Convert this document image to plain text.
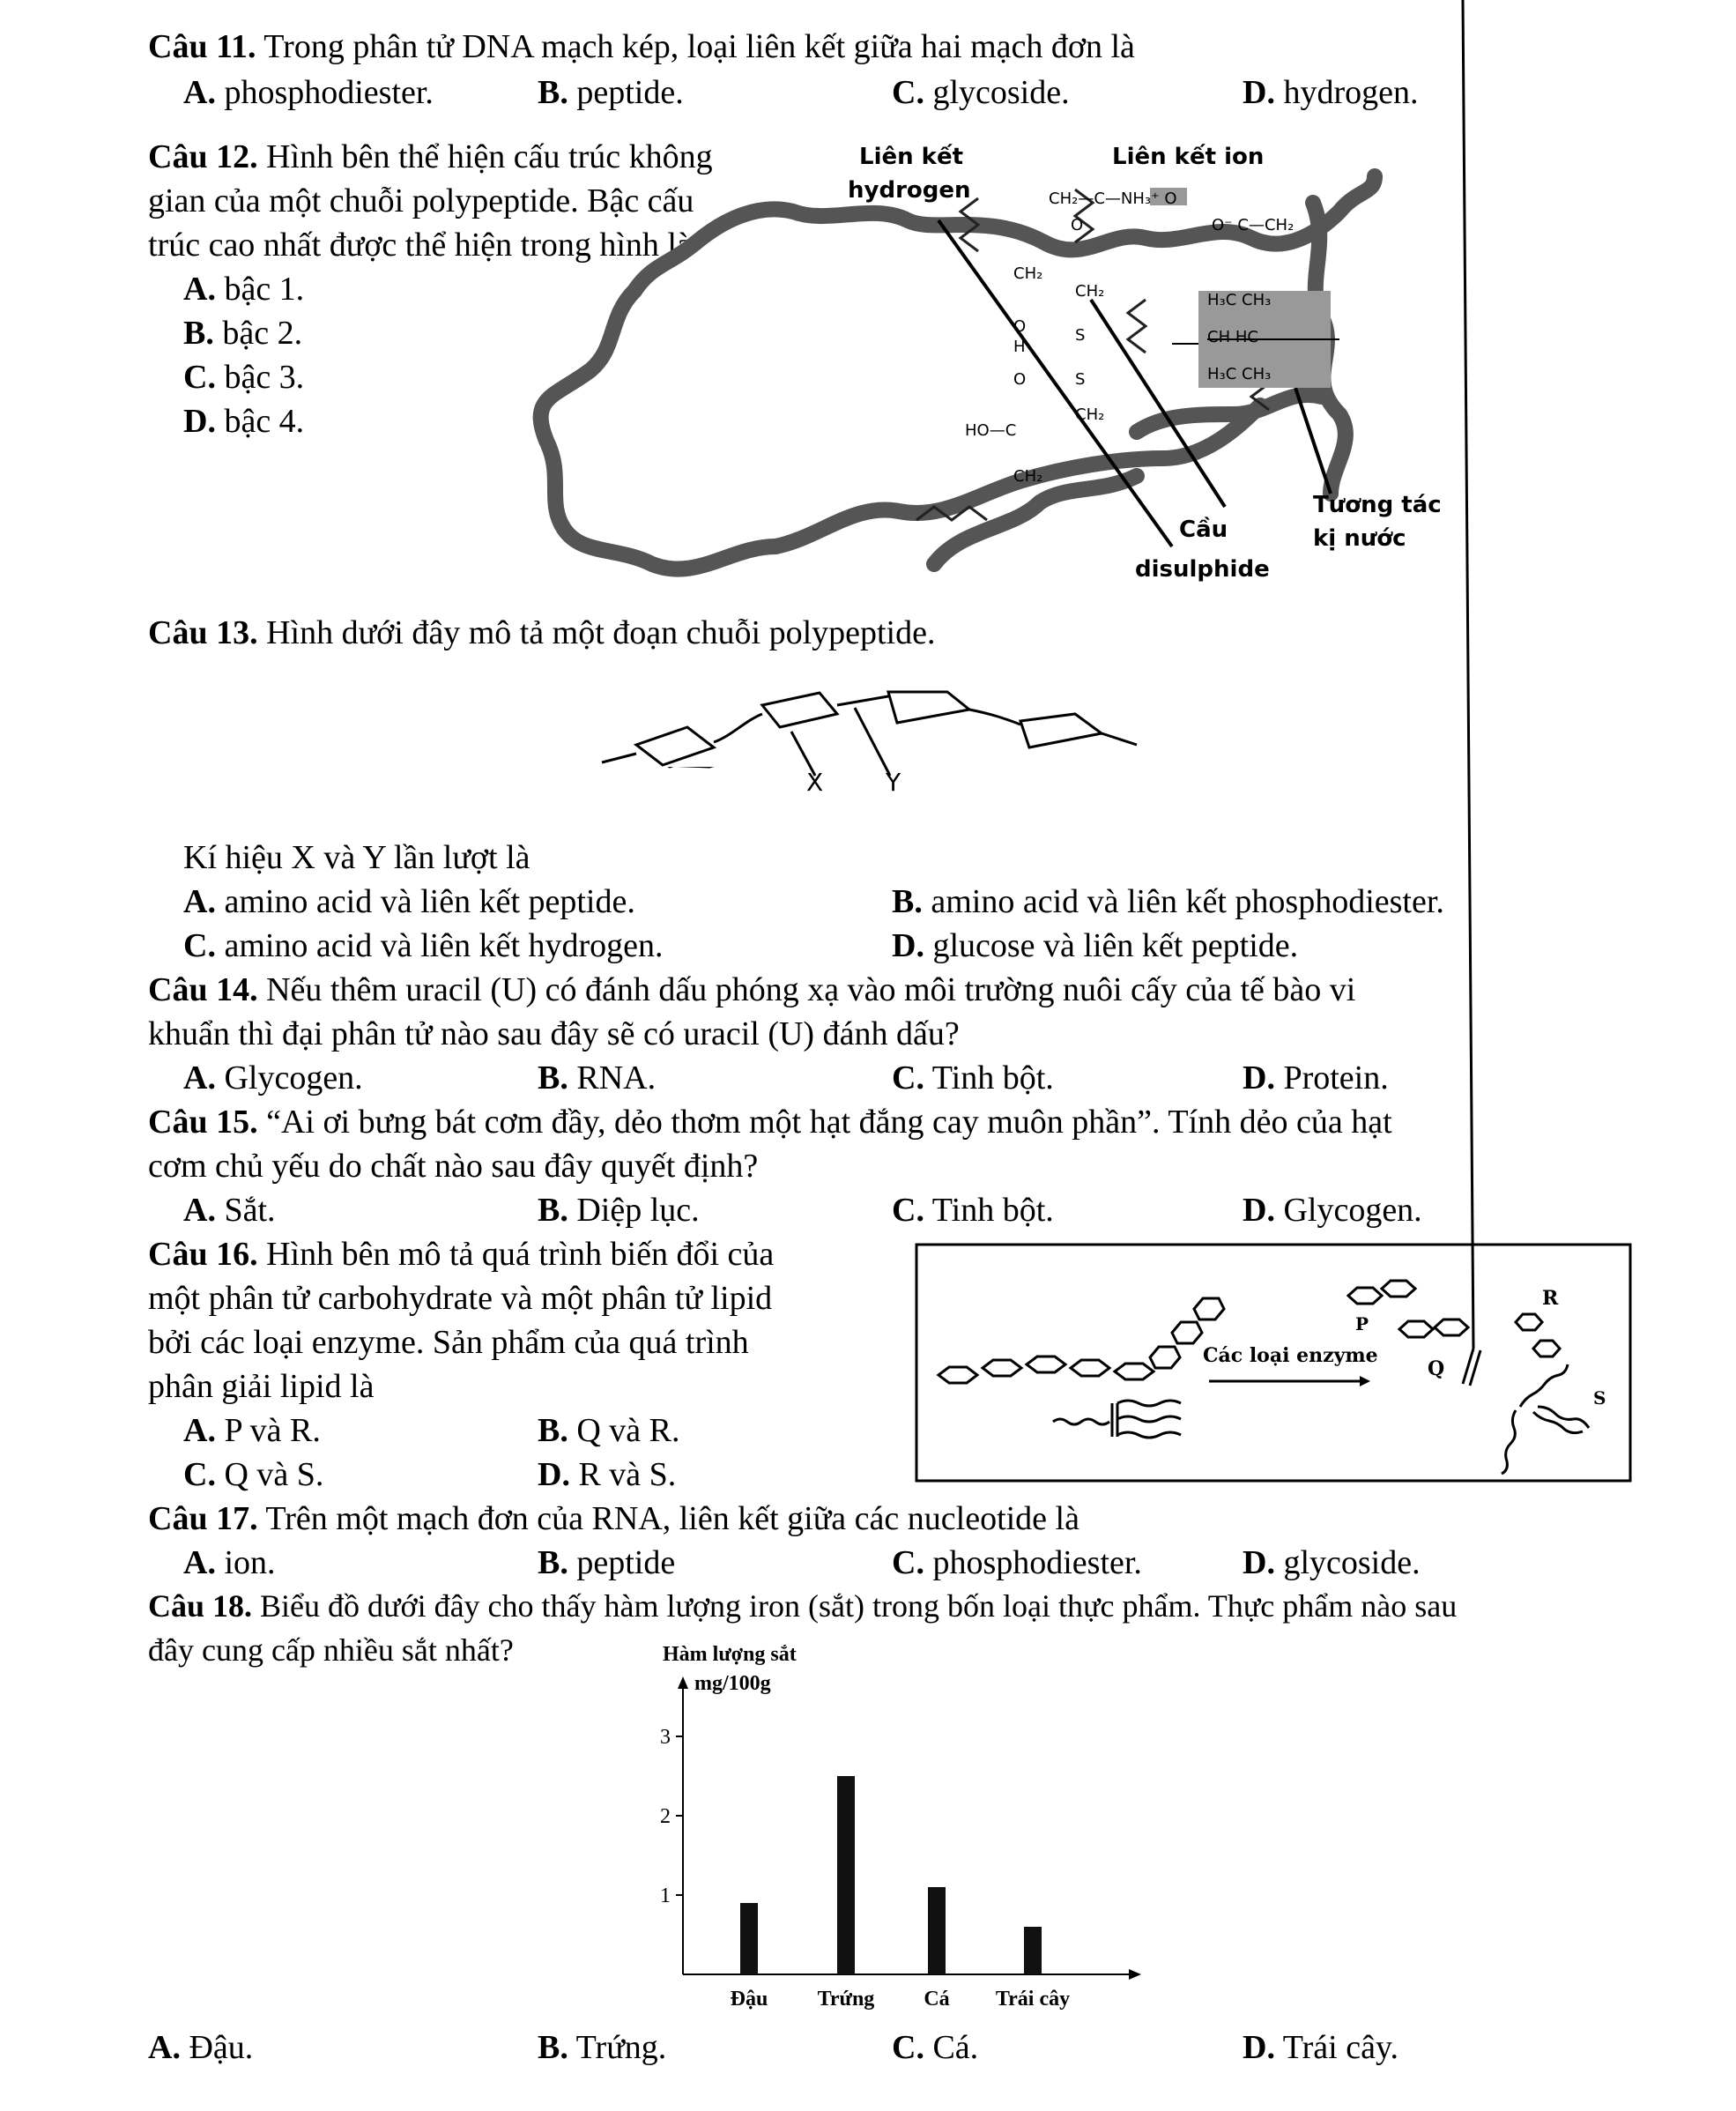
Câu 11. Trong phân tử DNA mạch kép, loại liên kết giữa hai mạch đơn là
A. phosphodiester.	B. peptide.	C. glycoside.	D. hydrogen.
Câu 12. Hình bên thể hiện cấu trúc không
gian của một chuỗi polypeptide. Bậc cấu
trúc cao nhất được thể hiện trong hình là
A. bậc 1.
B. bậc 2.
C. bậc 3.
D. bậc 4.
CH₂—C—NH₃⁺ O
O	O⁻ C—CH₂
CH₂
CH₂
O
H
S
O	S
HO—C
CH₂
CH₂
H₃C CH₃
CH HC
H₃C CH₃
Liên kết
hydrogen
Liên kết ion
Tương tác
kị nước
Cầu
disulphide
Câu 13. Hình dưới đây mô tả một đoạn chuỗi polypeptide.
X	Y
Kí hiệu X và Y lần lượt là
A. amino acid và liên kết peptide.	B. amino acid và liên kết phosphodiester.
C. amino acid và liên kết hydrogen.	D. glucose và liên kết peptide.
Câu 14. Nếu thêm uracil (U) có đánh dấu phóng xạ vào môi trường nuôi cấy của tế bào vi
khuẩn thì đại phân tử nào sau đây sẽ có uracil (U) đánh dấu?
A. Glycogen.	B. RNA.	C. Tinh bột.	D. Protein.
Câu 15. “Ai ơi bưng bát cơm đầy, dẻo thơm một hạt đắng cay muôn phần”. Tính dẻo của hạt
cơm chủ yếu do chất nào sau đây quyết định?
A. Sắt.	B. Diệp lục.	C. Tinh bột.	D. Glycogen.
Câu 16. Hình bên mô tả quá trình biến đổi của
một phân tử carbohydrate và một phân tử lipid
bởi các loại enzyme. Sản phẩm của quá trình
phân giải lipid là
A. P và R.	B. Q và R.
C. Q và S.	D. R và S.
Các loại enzyme
P
Q
R
S
Câu 17. Trên một mạch đơn của RNA, liên kết giữa các nucleotide là
A. ion.	B. peptide	C. phosphodiester.	D. glycoside.
Câu 18. Biểu đồ dưới đây cho thấy hàm lượng iron (sắt) trong bốn loại thực phẩm. Thực phẩm nào sau
đây cung cấp nhiều sắt nhất?	Hàm lượng sắt
mg/100g
1
2
3
Đậu Trứng Cá Trái cây
A. Đậu.	B. Trứng.	C. Cá.	D. Trái cây.
